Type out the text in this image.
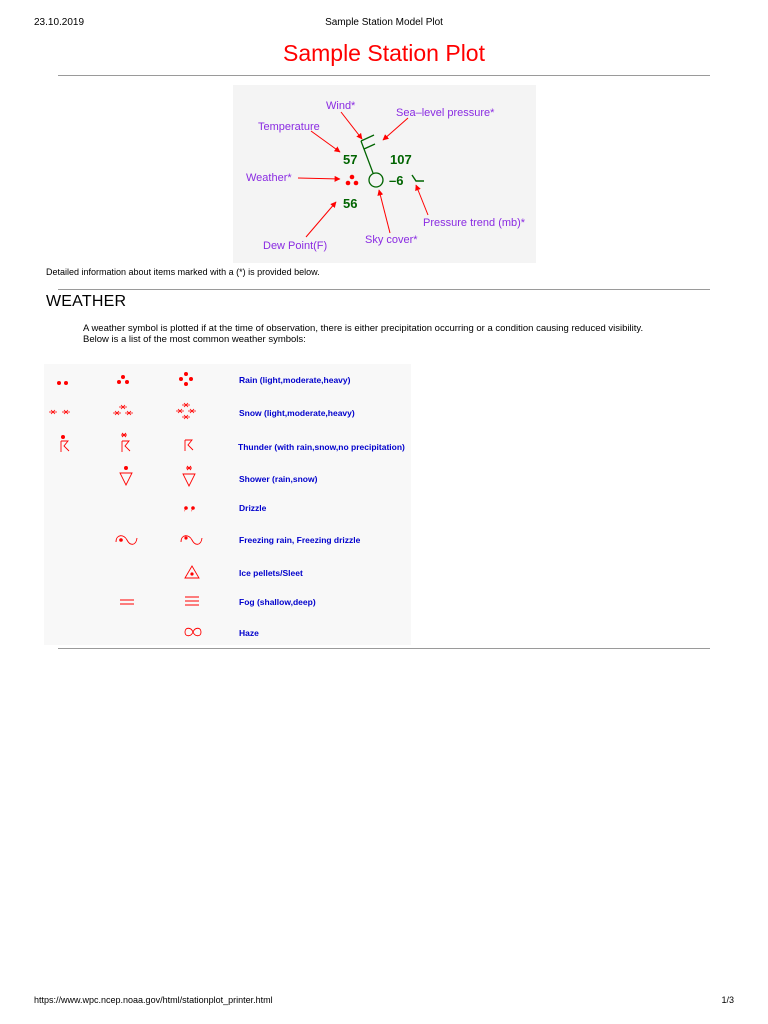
23.10.2019	Sample Station Model Plot
Sample Station Plot
Wind*
Sea–level pressure*
Temperature
Weather*
Pressure trend (mb)*
Dew Point(F)	Sky cover*
57	107
–6
56
Detailed information about items marked with a (*) is provided below.
WEATHER

A weather symbol is plotted if at the time of observation, there is either precipitation occurring or a condition causing reduced visibility.

Below is a list of the most common weather symbols:

Rain (light,moderate,heavy)
Snow (light,moderate,heavy)
Thunder (with rain,snow,no precipitation)
Shower (rain,snow)
Drizzle
Freezing rain, Freezing drizzle
Ice pellets/Sleet
Fog (shallow,deep)
Haze
https://www.wpc.ncep.noaa.gov/html/stationplot_printer.html	1/3
